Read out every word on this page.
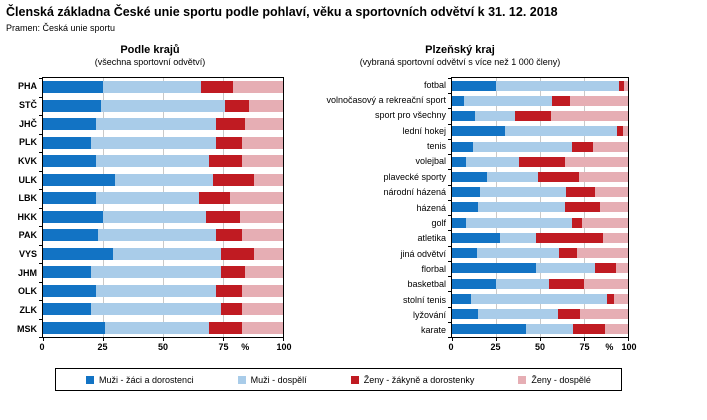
Členská základna České unie sportu podle pohlaví, věku a sportovních odvětví k 31. 12. 2018
Pramen: Česká unie sportu
Podle krajů
(všechna sportovní odvětví)
Plzeňský kraj
(vybraná sportovní odvětví s více než 1 000 členy)
PHA
STČ
JHČ
PLK
KVK
ULK
LBK
HKK
PAK
VYS
JHM
OLK
ZLK
MSK
0	25	50	75	100
%
fotbal
volnočasový a rekreační sport
sport pro všechny
lední hokej
tenis
volejbal
plavecké sporty
národní házená
házená
golf
atletika
jiná odvětví
florbal
basketbal
stolní tenis
lyžování
karate
0	25	50	75	100
%
Muži - žáci a dorostenci	Muži - dospělí	Ženy - žákyně a dorostenky	Ženy - dospělé
